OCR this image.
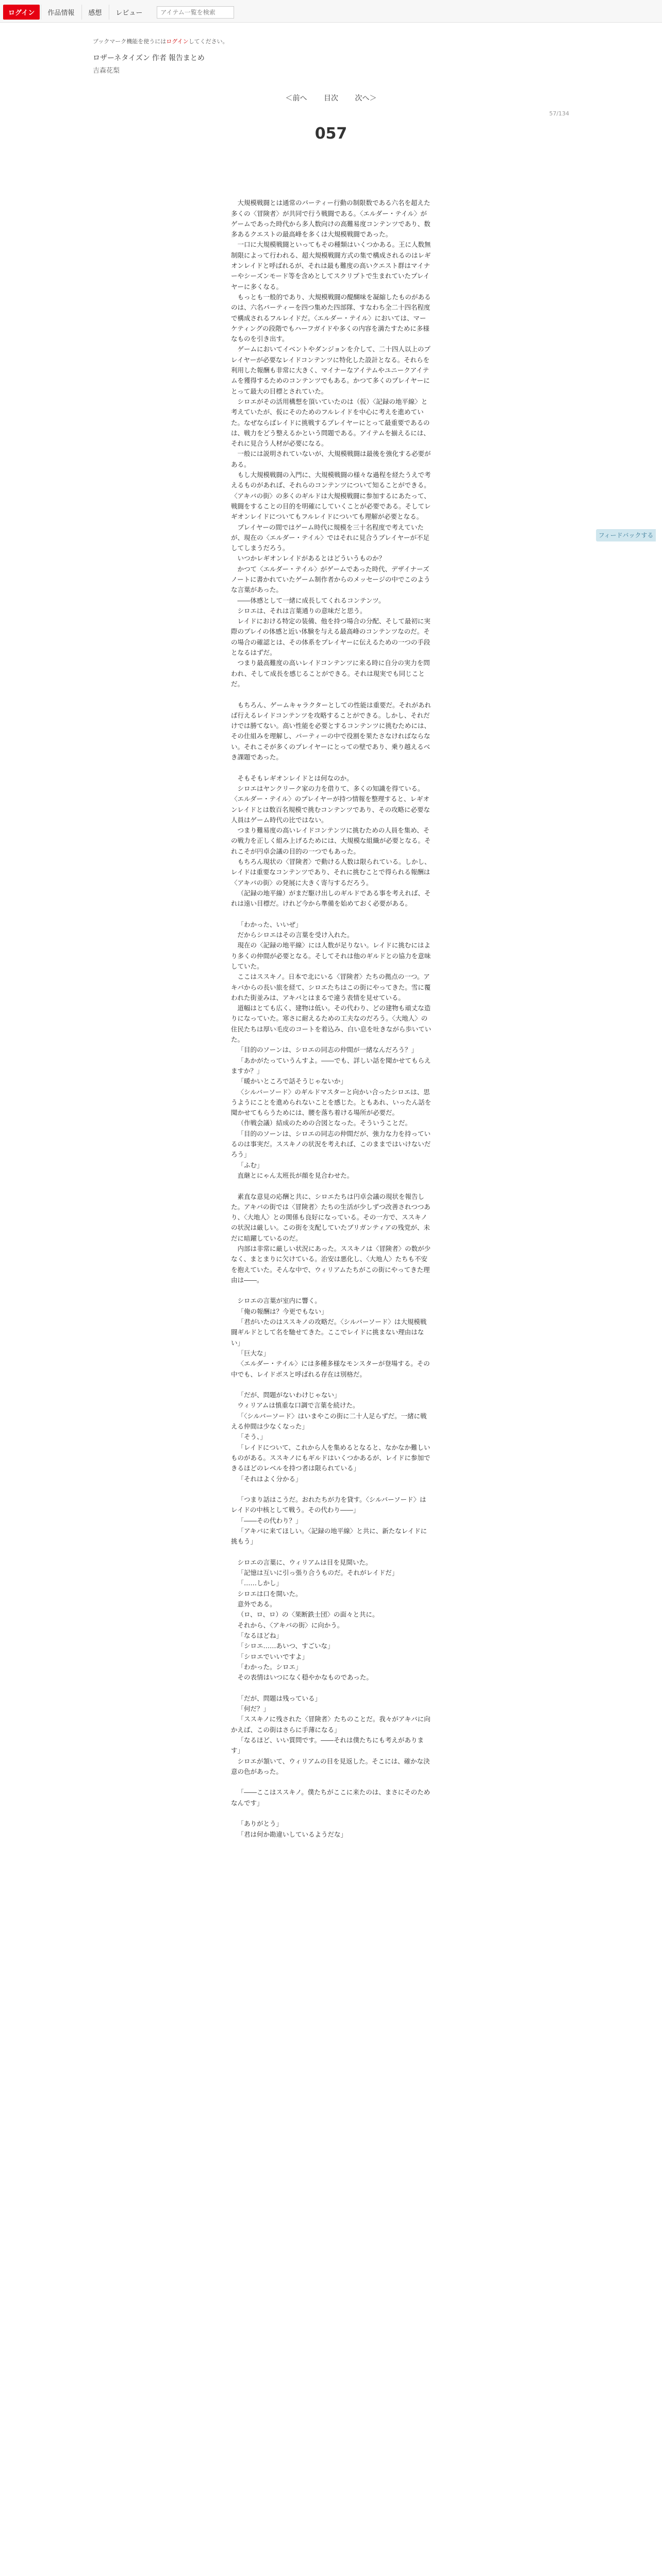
ログイン	作品情報	感想	レビュー
アイテム一覧を検索
ブックマーク機能を使うにはログインしてください。
ロザーネタイズン 作者 報告まとめ
吉森花梨
＜前へ 目次 次へ＞
57/134
057

大規模戦闘とは通常のパーティー行動の制限数である六名を超えた多くの〈冒険者〉が共同で行う戦闘である。〈エルダー・テイル〉がゲームであった時代から多人数向けの高難易度コンテンツであり、数多あるクエストの最高峰を多くは大規模戦闘であった。

一口に大規模戦闘といってもその種類はいくつかある。王に人数無制限によって行われる、超大規模戦闘方式の集で構成されるのはレギオンレイドと呼ばれるが、それは最も難度の高いクエスト群はマイナーやシーズンモード等を含めとしてスクリプトで生まれていたプレイヤーに多くなる。

もっとも一般的であり、大規模戦闘の醍醐味を凝縮したものがあるのは、六名パーティーを四つ集めた四部隊、すなわち全二十四名程度で構成されるフルレイドだ。〈エルダー・テイル〉においては、マーケティングの段階でもハーフガイドや多くの内容を満たすために多様なものを引き出す。

ゲームにおいてイベントやダンジョンを介して、二十四人以上のプレイヤーが必要なレイドコンテンツに特化した設計となる。それらを利用した報酬も非常に大きく、マイナーなアイテムやユニークアイテムを獲得するためのコンテンツでもある。かつて多くのプレイヤーにとって最大の目標とされていた。

シロエがその活用構想を頂いていたのは（仮）〈記録の地平線〉と考えていたが、仮にそのためのフルレイドを中心に考えを進めていた。なぜならばレイドに挑戦するプレイヤーにとって最重要であるのは、戦力をどう整えるかという問題である。アイテムを揃えるには、それに見合う人材が必要になる。

一般には説明されていないが、大規模戦闘は最後を強化する必要がある。

もし大規模戦闘の入門に、大規模戦闘の様々な過程を経たうえで考えるものがあれば、それらのコンテンツについて知ることができる。〈アキバの街〉の多くのギルドは大規模戦闘に参加するにあたって、戦闘をすることの目的を明確にしていくことが必要である。そしてレギオンレイドについてもフルレイドについても理解が必要となる。

プレイヤーの間ではゲーム時代に規模を三十名程度で考えていたが、現在の〈エルダー・テイル〉ではそれに見合うプレイヤーが不足してしまうだろう。

いつかレギオンレイドがあるとはどういうものか？

かつて〈エルダー・テイル〉がゲームであった時代、デザイナーズノートに書かれていたゲーム制作者からのメッセージの中でこのような言葉があった。

――体感として一緒に成長してくれるコンテンツ。

シロエは、それは言葉通りの意味だと思う。

レイドにおける特定の装備、他を持つ場合の分配、そして最初に実際のプレイの体感と近い体験を与える最高峰のコンテンツなのだ。その場合の確認とは、その体系をプレイヤーに伝えるための一つの手段となるはずだ。

つまり最高難度の高いレイドコンテンツに来る時に自分の実力を問われ、そして成長を感じることができる。それは現実でも同じことだ。

もちろん、ゲームキャラクターとしての性能は重要だ。それがあれば行えるレイドコンテンツを攻略することができる。しかし、それだけでは勝てない。高い性能を必要とするコンテンツに挑むためには、その仕組みを理解し、パーティーの中で役割を果たさなければならない。それこそが多くのプレイヤーにとっての壁であり、乗り越えるべき課題であった。

そもそもレギオンレイドとは何なのか。

シロエはヤンクリーク家の力を借りて、多くの知識を得ている。〈エルダー・テイル〉のプレイヤーが持つ情報を整理すると、レギオンレイドとは数百名規模で挑むコンテンツであり、その攻略に必要な人員はゲーム時代の比ではない。

つまり難易度の高いレイドコンテンツに挑むための人員を集め、その戦力を正しく組み上げるためには、大規模な組織が必要となる。それこそが円卓会議の目的の一つでもあった。

もちろん現状の〈冒険者〉で動ける人数は限られている。しかし、レイドは重要なコンテンツであり、それに挑むことで得られる報酬は〈アキバの街〉の発展に大きく寄与するだろう。

（記録の地平線）がまだ駆け出しのギルドである事を考えれば、それは遠い目標だ。けれど今から準備を始めておく必要がある。

「わかった、いいぜ」

だからシロエはその言葉を受け入れた。

現在の〈記録の地平線〉には人数が足りない。レイドに挑むにはより多くの仲間が必要となる。そしてそれは他のギルドとの協力を意味していた。

ここはススキノ。日本で北にいる〈冒険者〉たちの拠点の一つ。アキバからの長い旅を経て、シロエたちはこの街にやってきた。雪に覆われた街並みは、アキバとはまるで違う表情を見せている。

道幅はとても広く、建物は低い。その代わり、どの建物も頑丈な造りになっていた。寒さに耐えるための工夫なのだろう。〈大地人〉の住民たちは厚い毛皮のコートを着込み、白い息を吐きながら歩いていた。

「目的のソーンは、シロエの同志の仲間が一緒なんだろう？」

「あかがたっていうんすよ。――でも、詳しい話を聞かせてもらえますか？」

「暖かいところで話そうじゃないか」

〈シルバーソード〉のギルドマスターと向かい合ったシロエは、思うようにことを進められないことを感じた。ともあれ、いったん話を聞かせてもらうためには、腰を落ち着ける場所が必要だ。

（作戦会議）結成のための合図となった。そういうことだ。

「目的のソーンは、シロエの同志の仲間だが、強力な力を持っているのは事実だ。ススキノの状況を考えれば、このままではいけないだろう」

「ふむ」

直継とにゃん太班長が顔を見合わせた。

素直な意見の応酬と共に、シロエたちは円卓会議の現状を報告した。アキバの街では〈冒険者〉たちの生活が少しずつ改善されつつあり、〈大地人〉との関係も良好になっている。その一方で、ススキノの状況は厳しい。この街を支配していたブリガンティアの残党が、未だに暗躍しているのだ。

内部は非常に厳しい状況にあった。ススキノは〈冒険者〉の数が少なく、まとまりに欠けている。治安は悪化し、〈大地人〉たちも不安を抱えていた。そんな中で、ウィリアムたちがこの街にやってきた理由は――。

シロエの言葉が室内に響く。

「俺の報酬は？今更でもない」

「君がいたのはススキノの攻略だ。〈シルバーソード〉は大規模戦闘ギルドとして名を馳せてきた。ここでレイドに挑まない理由はない」

「巨大な」

〈エルダー・テイル〉には多種多様なモンスターが登場する。その中でも、レイドボスと呼ばれる存在は別格だ。

「だが、問題がないわけじゃない」

ウィリアムは慎重な口調で言葉を続けた。

「〈シルバーソード〉はいまやこの街に二十人足らずだ。一緒に戦える仲間は少なくなった」

「そう、」

「レイドについて、これから人を集めるとなると、なかなか難しいものがある。ススキノにもギルドはいくつかあるが、レイドに参加できるほどのレベルを持つ者は限られている」

「それはよく分かる」

「つまり話はこうだ。おれたちが力を貸す。〈シルバーソード〉はレイドの中核として戦う。その代わり――」

「――その代わり？」

「アキバに来てほしい。〈記録の地平線〉と共に、新たなレイドに挑もう」

シロエの言葉に、ウィリアムは目を見開いた。

「記憶は互いに引っ張り合うものだ。それがレイドだ」

「……しかし」

シロエは口を開いた。

意外である。

（ロ、ロ、ロ）の〈果断鉄士団〉の面々と共に。

それから、〈アキバの街〉に向かう。

「なるほどね」

「シロエ……あいつ、すごいな」

「シロエでいいですよ」

「わかった。シロエ」

その表情はいつになく穏やかなものであった。

「だが、問題は残っている」

「何だ？」

「ススキノに残された〈冒険者〉たちのことだ。我々がアキバに向かえば、この街はさらに手薄になる」

「なるほど、いい質問です。――それは僕たちにも考えがあります」

シロエが頷いて、ウィリアムの目を見返した。そこには、確かな決意の色があった。

「――ここはススキノ。僕たちがここに来たのは、まさにそのためなんです」

「ありがとう」

「君は何か勘違いしているようだな」

フィードバックする
